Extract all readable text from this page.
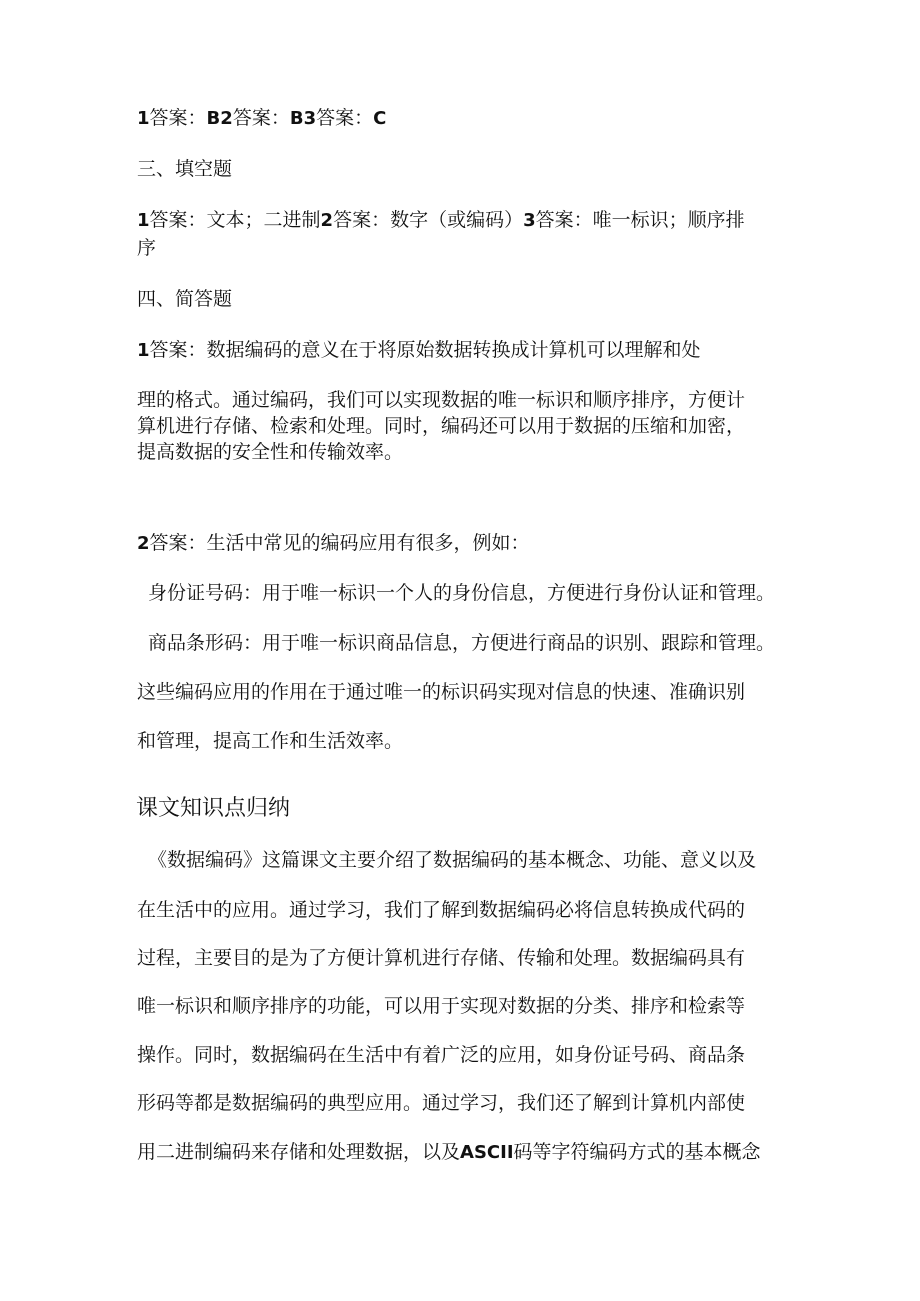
1答案：B2答案：B3答案：C
三、填空题
1答案：文本；二进制2答案：数字（或编码）3答案：唯一标识；顺序排
序
四、简答题
1答案：数据编码的意义在于将原始数据转换成计算机可以理解和处
理的格式。通过编码，我们可以实现数据的唯一标识和顺序排序，方便计
算机进行存储、检索和处理。同时，编码还可以用于数据的压缩和加密，
提高数据的安全性和传输效率。
2答案：生活中常见的编码应用有很多，例如：
身份证号码：用于唯一标识一个人的身份信息，方便进行身份认证和管理。
商品条形码：用于唯一标识商品信息，方便进行商品的识别、跟踪和管理。
这些编码应用的作用在于通过唯一的标识码实现对信息的快速、准确识别
和管理，提高工作和生活效率。
课文知识点归纳
《数据编码》这篇课文主要介绍了数据编码的基本概念、功能、意义以及
在生活中的应用。通过学习，我们了解到数据编码必将信息转换成代码的
过程，主要目的是为了方便计算机进行存储、传输和处理。数据编码具有
唯一标识和顺序排序的功能，可以用于实现对数据的分类、排序和检索等
操作。同时，数据编码在生活中有着广泛的应用，如身份证号码、商品条
形码等都是数据编码的典型应用。通过学习，我们还了解到计算机内部使
用二进制编码来存储和处理数据，以及ASCII码等字符编码方式的基本概念
